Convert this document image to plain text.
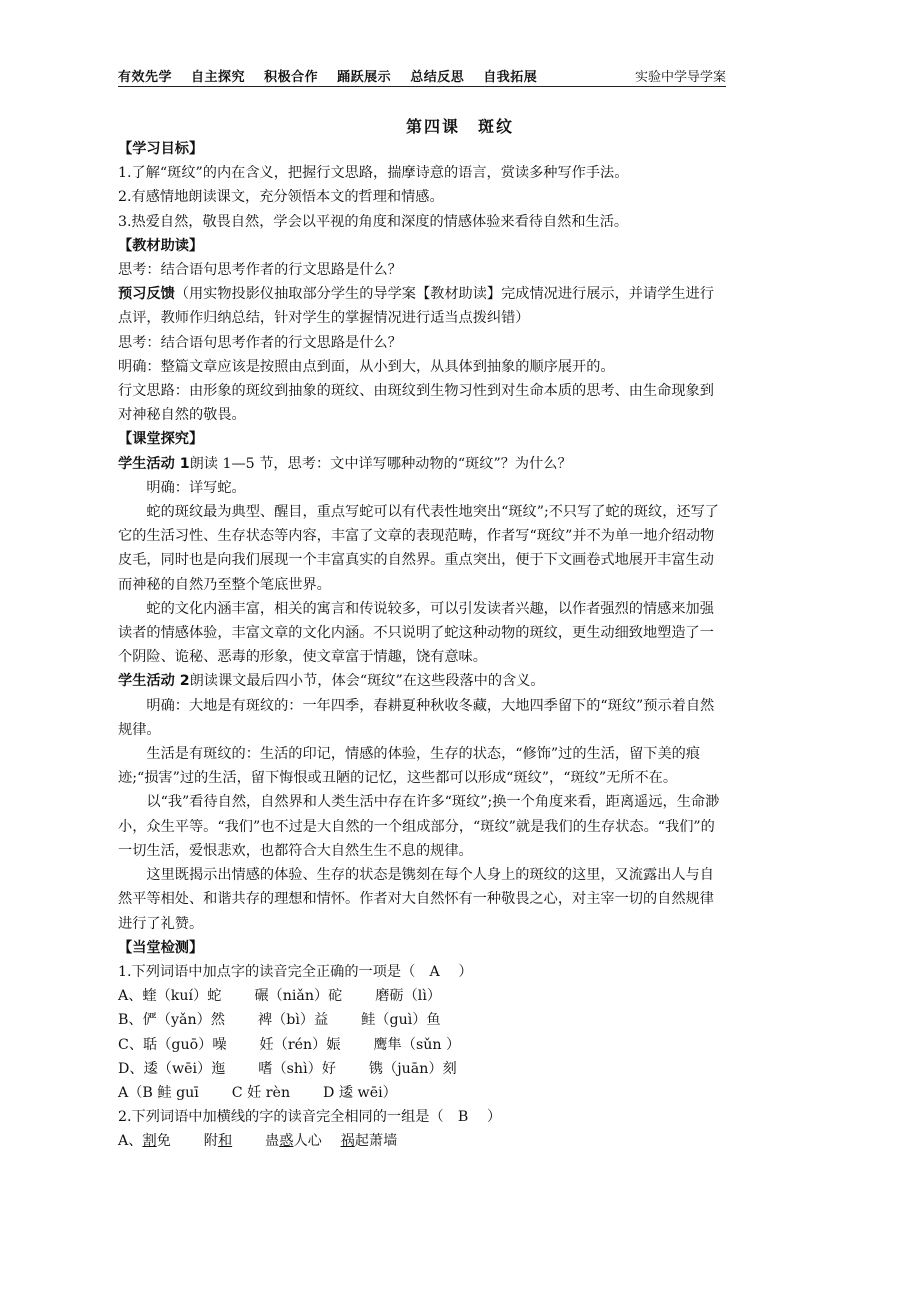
有效先学 自主探究 积极合作 踊跃展示 总结反思 自我拓展	实验中学导学案
第四课　斑纹

【学习目标】

1.了解“斑纹”的内在含义，把握行文思路，揣摩诗意的语言，赏读多种写作手法。

2.有感情地朗读课文，充分领悟本文的哲理和情感。

3.热爱自然，敬畏自然，学会以平视的角度和深度的情感体验来看待自然和生活。

【教材助读】

思考：结合语句思考作者的行文思路是什么？

预习反馈（用实物投影仪抽取部分学生的导学案【教材助读】完成情况进行展示，并请学生进行点评，教师作归纳总结，针对学生的掌握情况进行适当点拨纠错）

思考：结合语句思考作者的行文思路是什么？

明确：整篇文章应该是按照由点到面，从小到大，从具体到抽象的顺序展开的。

行文思路：由形象的斑纹到抽象的斑纹、由斑纹到生物习性到对生命本质的思考、由生命现象到对神秘自然的敬畏。

【课堂探究】

学生活动 1朗读 1—5 节，思考：文中详写哪种动物的“斑纹”？为什么？

明确：详写蛇。

蛇的斑纹最为典型、醒目，重点写蛇可以有代表性地突出“斑纹”;不只写了蛇的斑纹，还写了它的生活习性、生存状态等内容，丰富了文章的表现范畴，作者写“斑纹”并不为单一地介绍动物皮毛，同时也是向我们展现一个丰富真实的自然界。重点突出，便于下文画卷式地展开丰富生动而神秘的自然乃至整个笔底世界。

蛇的文化内涵丰富，相关的寓言和传说较多，可以引发读者兴趣，以作者强烈的情感来加强读者的情感体验，丰富文章的文化内涵。不只说明了蛇这种动物的斑纹，更生动细致地塑造了一个阴险、诡秘、恶毒的形象，使文章富于情趣，饶有意味。

学生活动 2朗读课文最后四小节，体会“斑纹”在这些段落中的含义。

明确：大地是有斑纹的：一年四季，春耕夏种秋收冬藏，大地四季留下的“斑纹”预示着自然规律。

生活是有斑纹的：生活的印记，情感的体验，生存的状态，“修饰”过的生活，留下美的痕迹;“损害”过的生活，留下悔恨或丑陋的记忆，这些都可以形成“斑纹”，“斑纹”无所不在。

以“我”看待自然，自然界和人类生活中存在许多“斑纹”;换一个角度来看，距离遥远，生命渺小，众生平等。“我们”也不过是大自然的一个组成部分，“斑纹”就是我们的生存状态。“我们”的一切生活，爱恨悲欢，也都符合大自然生生不息的规律。

这里既揭示出情感的体验、生存的状态是镌刻在每个人身上的斑纹的这里，又流露出人与自然平等相处、和谐共存的理想和情怀。作者对大自然怀有一种敬畏之心，对主宰一切的自然规律进行了礼赞。

【当堂检测】

1.下列词语中加点字的读音完全正确的一项是（　A　 ）

A、蝰（kuí）蛇　　 碾（niǎn）砣　　 磨砺（lì）

B、俨（yǎn）然　　 裨（bì）益　　 鲑（guì）鱼

C、聒（guō）噪　　 妊（rén）娠　　 鹰隼（sǔn ）

D、逶（wēi）迤　　 嗜（shì）好　　 镌（juān）刻

A（B 鲑 guī　　 C 妊 rèn　　 D 逶 wēi）

2.下列词语中加横线的字的读音完全相同的一组是（　B　 ）

A、割免　　 附和　　 蛊惑人心　 祸起萧墙
